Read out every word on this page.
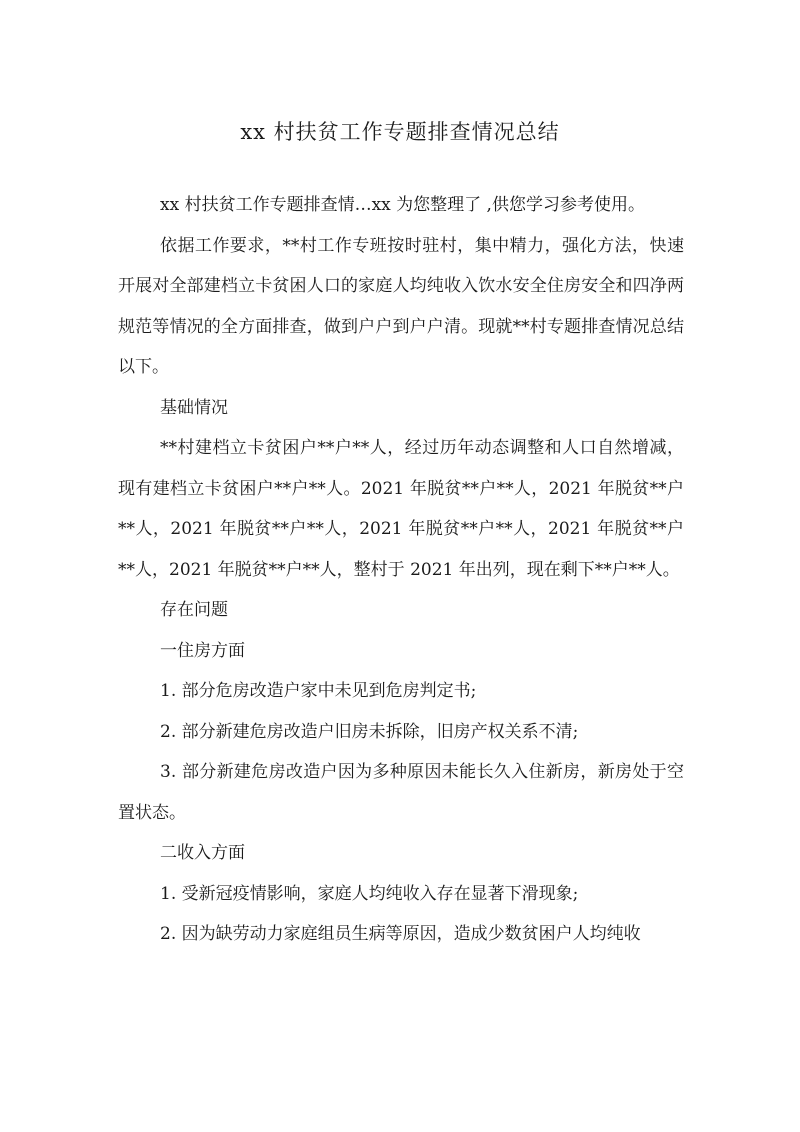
xx 村扶贫工作专题排查情况总结

xx 村扶贫工作专题排查情…xx 为您整理了 ,供您学习参考使用。

依据工作要求，**村工作专班按时驻村，集中精力，强化方法，快速开展对全部建档立卡贫困人口的家庭人均纯收入饮水安全住房安全和四净两规范等情况的全方面排查，做到户户到户户清。现就**村专题排查情况总结以下。

基础情况

**村建档立卡贫困户**户**人，经过历年动态调整和人口自然增减，现有建档立卡贫困户**户**人。2021 年脱贫**户**人，2021 年脱贫**户**人，2021 年脱贫**户**人，2021 年脱贫**户**人，2021 年脱贫**户**人，2021 年脱贫**户**人，整村于 2021 年出列，现在剩下**户**人。

存在问题

一住房方面

1. 部分危房改造户家中未见到危房判定书;

2. 部分新建危房改造户旧房未拆除，旧房产权关系不清;

3. 部分新建危房改造户因为多种原因未能长久入住新房，新房处于空置状态。

二收入方面

1. 受新冠疫情影响，家庭人均纯收入存在显著下滑现象;

2. 因为缺劳动力家庭组员生病等原因，造成少数贫困户人均纯收
